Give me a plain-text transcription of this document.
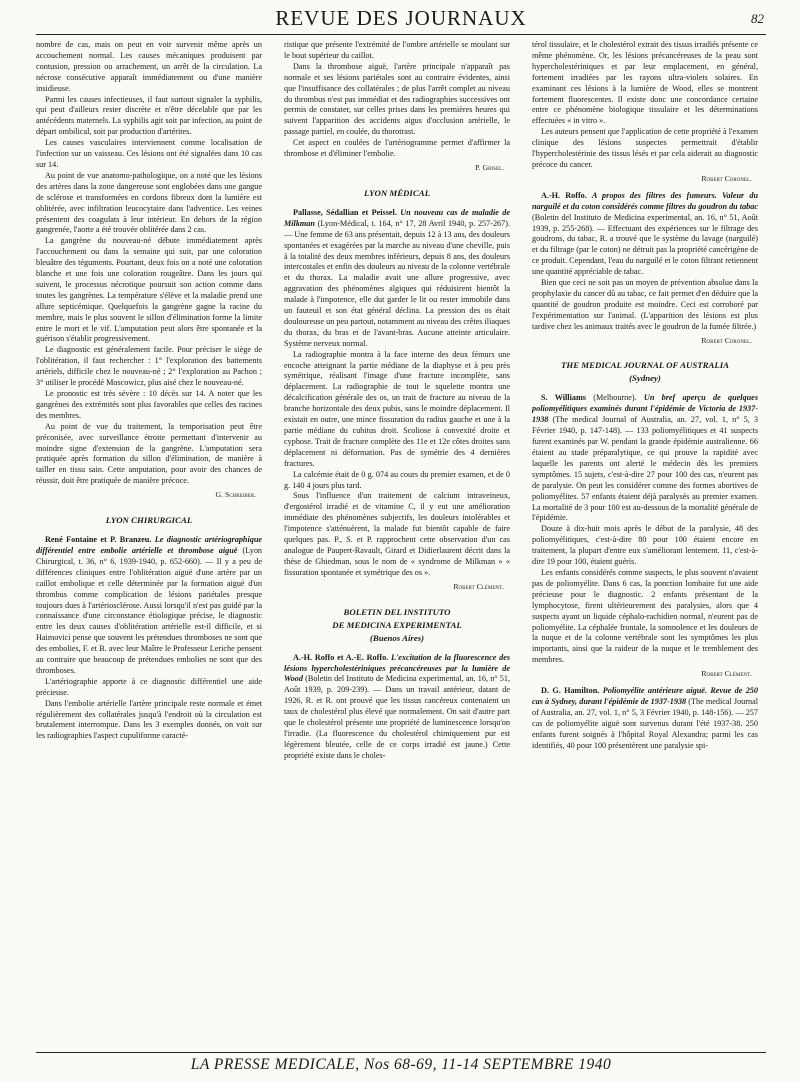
REVUE DES JOURNAUX	82

nombre de cas, mais on peut en voir survenir même après un accouchement normal. Les causes mécaniques produisent par contusion, pression ou arrachement, un arrêt de la circulation. La nécrose consécutive apparaît immédiatement ou d'une manière insidieuse.

Parmi les causes infectieuses, il faut surtout signaler la syphilis, qui peut d'ailleurs rester discrète et n'être décelable que par les antécédents maternels. La syphilis agit soit par infection, au point de départ ombilical, soit par production d'artérites.

Les causes vasculaires interviennent comme localisation de l'infection sur un vaisseau. Ces lésions ont été signalées dans 10 cas sur 14.

Au point de vue anatomo-pathologique, on a noté que les lésions des artères dans la zone dangereuse sont englobées dans une gangue de sclérose et transformées en cordons fibreux dont la lumière est oblitérée, avec infiltration leucocytaire dans l'adventice. Les veines présentent des coagulats à leur intérieur. En dehors de la région gangrenée, l'aorte a été trouvée oblitérée dans 2 cas.

La gangrène du nouveau-né débute immédiatement après l'accouchement ou dans la semaine qui suit, par une coloration bleuâtre des téguments. Pourtant, deux fois on a noté une coloration blanche et une fois une coloration rougeâtre. Dans les jours qui suivent, le processus nécrotique poursuit son action comme dans toutes les gangrènes. La température s'élève et la maladie prend une allure septicémique. Quelquefois la gangrène gagne la racine du membre, mais le plus souvent le sillon d'élimination forme la limite entre le mort et le vif. L'amputation peut alors être spontanée et la guérison s'établir progressivement.

Le diagnostic est généralement facile. Pour préciser le siège de l'oblitération, il faut rechercher : 1° l'exploration des battements artériels, difficile chez le nouveau-né ; 2° l'exploration au Pachon ; 3° utiliser le procédé Moscowicz, plus aisé chez le nouveau-né.

Le pronostic est très sévère : 10 décès sur 14. A noter que les gangrènes des extrémités sont plus favorables que celles des racines des membres.

Au point de vue du traitement, la temporisation peut être préconisée, avec surveillance étroite permettant d'intervenir au moindre signe d'extension de la gangrène. L'amputation sera pratiquée après formation du sillon d'élimination, de manière à tailler en tissu sain. Cette amputation, pour avoir des chances de réussir, doit être pratiquée de manière précoce.

G. Schreiber.
LYON CHIRURGICAL

René Fontaine et P. Branzeu. Le diagnostic artériographique différentiel entre embolie artérielle et thrombose aiguë (Lyon Chirurgical, t. 36, n° 6, 1939-1940, p. 652-660). — Il y a peu de différences cliniques entre l'oblitération aiguë d'une artère par un caillot embolique et celle déterminée par la formation aiguë d'un thrombus comme complication de lésions pariétales presque toujours dues à l'artériosclérose. Aussi lorsqu'il n'est pas guidé par la connaissance d'une circonstance étiologique précise, le diagnostic entre les deux causes d'oblitération artérielle est-il difficile, et si Haimovici pense que souvent les prétendues thromboses ne sont que des embolies, F. et B. avec leur Maître le Professeur Leriche pensent au contraire que beaucoup de prétendues embolies ne sont que des thromboses.

L'artériographie apporte à ce diagnostic différentiel une aide précieuse.

Dans l'embolie artérielle l'artère principale reste normale et émet régulièrement des collatérales jusqu'à l'endroit où la circulation est brutalement interrompue. Dans les 3 exemples donnés, on voit sur les radiographies l'aspect cupuliforme caracté-

ristique que présente l'extrémité de l'ombre artérielle se moulant sur le bout supérieur du caillot.

Dans la thrombose aiguë, l'artère principale n'apparaît pas normale et ses lésions pariétales sont au contraire évidentes, ainsi que l'insuffisance des collatérales ; de plus l'arrêt complet au niveau du thrombus n'est pas immédiat et des radiographies successives ont permis de constater, sur celles prises dans les premières heures qui suivent l'apparition des accidents aigus d'occlusion artérielle, le passage partiel, en coulée, du thorotrast.

Cet aspect en coulées de l'artériogramme permet d'affirmer la thrombose et d'éliminer l'embolie.

P. Grisel.
LYON MÉDICAL

Pallasse, Sédallian et Peissel. Un nouveau cas de maladie de Milkman (Lyon-Médical, t. 164, n° 17, 28 Avril 1940, p. 257-267). — Une femme de 63 ans présentait, depuis 12 à 13 ans, des douleurs spontanées et exagérées par la marche au niveau d'une cheville, puis à la totalité des deux membres inférieurs, depuis 8 ans, des douleurs intercostales et enfin des douleurs au niveau de la colonne vertébrale et du thorax. La maladie avait une allure progressive, avec aggravation des phénomènes algiques qui réduisirent bientôt la malade à l'impotence, elle dut garder le lit ou rester immobile dans un fauteuil et son état général déclina. La pression des os était douloureuse un peu partout, notamment au niveau des crêtes iliaques du thorax, du bras et de l'avant-bras. Aucune atteinte articulaire. Système nerveux normal.

La radiographie montra à la face interne des deux fémurs une encoche atteignant la partie médiane de la diaphyse et à peu près symétrique, réalisant l'image d'une fracture incomplète, sans déplacement. La radiographie de tout le squelette montra une décalcification générale des os, un trait de fracture au niveau de la branche horizontale des deux pubis, sans le moindre déplacement. Il existait en outre, une mince fissuration du radius gauche et une à la partie médiane du cubitus droit. Scoliose à convexité droite et cyphose. Trait de fracture complète des 11e et 12e côtes droites sans déplacement ni déformation. Pas de symétrie des 4 dernières fractures.

La calcémie était de 0 g. 074 au cours du premier examen, et de 0 g. 140 4 jours plus tard.

Sous l'influence d'un traitement de calcium intraveineux, d'ergostérol irradié et de vitamine C, il y eut une amélioration immédiate des phénomènes subjectifs, les douleurs intolérables et l'impotence s'atténuèrent, la malade fut bientôt capable de faire quelques pas. P., S. et P. rapprochent cette observation d'un cas analogue de Paupert-Ravault, Girard et Didierlaurent décrit dans la thèse de Ghiedman, sous le nom de « syndrome de Milkman » « fissuration spontanée et symétrique des os ».

Robert Clément.
BOLETIN DEL INSTITUTO
DE MEDICINA EXPERIMENTAL
(Buenos Aires)

A.-H. Roffo et A.-E. Roffo. L'excitation de la fluorescence des lésions hypercholestériniques précancéreuses par la lumière de Wood (Boletin del Instituto de Medicina experimental, an. 16, n° 51, Août 1939, p. 209-239). — Dans un travail antérieur, datant de 1926, R. et R. ont prouvé que les tissus cancéreux contenaient un taux de cholestérol plus élevé que normalement. On sait d'autre part que le cholestérol présente une propriété de luminescence lorsqu'on l'irradie. (La fluorescence du cholestérol chimiquement pur est légèrement bleutée, celle de ce corps irradié est jaune.) Cette propriété existe dans le choles-

térol tissulaire, et le cholestérol extrait des tissus irradiés présente ce même phénomène. Or, les lésions précancéreuses de la peau sont hypercholestériniques et par leur emplacement, en général, fortement irradiées par les rayons ultra-violets solaires. En examinant ces lésions à la lumière de Wood, elles se montrent fortement fluorescentes. Il existe donc une concordance certaine entre ce phénomène biologique tissulaire et les déterminations effectuées « in vitro ».

Les auteurs pensent que l'application de cette propriété à l'examen clinique des lésions suspectes permettrait d'établir l'hypercholestérinie des tissus lésés et par cela aiderait au diagnostic précoce du cancer.

Robert Coronel.

A.-H. Roffo. A propos des filtres des fumeurs. Valeur du narguilé et du coton considérés comme filtres du goudron du tabac (Boletin del Instituto de Medicina experimental, an. 16, n° 51, Août 1939, p. 255-268). — Effectuant des expériences sur le filtrage des goudrons, du tabac, R. a trouvé que le système du lavage (narguilé) et du filtrage (par le coton) ne détruit pas la propriété cancérigène de ce produit. Cependant, l'eau du narguilé et le coton filtrant retiennent une quantité appréciable de tabac.

Bien que ceci ne soit pas un moyen de prévention absolue dans la prophylaxie du cancer dû au tabac, ce fait permet d'en déduire que la quantité de goudron produite est moindre. Ceci est corroboré par l'expérimentation sur l'animal. (L'apparition des lésions est plus tardive chez les animaux traités avec le goudron de la fumée filtrée.)

Robert Coronel.
THE MEDICAL JOURNAL OF AUSTRALIA
(Sydney)

S. Williams (Melbourne). Un bref aperçu de quelques poliomyélitiques examinés durant l'épidémie de Victoria de 1937-1938 (The medical Journal of Australia, an. 27, vol. 1, n° 5, 3 Février 1940, p. 147-148). — 133 poliomyélitiques et 41 suspects furent examinés par W. pendant la grande épidémie australienne. 66 étaient au stade préparalytique, ce qui prouve la rapidité avec laquelle les parents ont alerté le médecin dès les premiers symptômes. 15 sujets, c'est-à-dire 27 pour 100 des cas, n'eurent pas de paralysie. On peut les considérer comme des formes abortives de poliomyélites. 57 enfants étaient déjà paralysés au premier examen. La mortalité de 3 pour 100 est au-dessous de la mortalité générale de l'épidémie.

Douze à dix-huit mois après le début de la paralysie, 48 des poliomyélitiques, c'est-à-dire 80 pour 100 étaient encore en traitement, la plupart d'entre eux s'améliorant lentement. 11, c'est-à-dire 19 pour 100, étaient guéris.

Les enfants considérés comme suspects, le plus souvent n'avaient pas de poliomyélite. Dans 6 cas, la ponction lombaire fut une aide précieuse pour le diagnostic. 2 enfants présentant de la lymphocytose, firent ultérieurement des paralysies, alors que 4 suspects ayant un liquide céphalo-rachidien normal, n'eurent pas de poliomyélite. La céphalée frontale, la somnolence et les douleurs de la nuque et de la colonne vertébrale sont les symptômes les plus importants, ainsi que la raideur de la nuque et le tremblement des membres.

Robert Clément.

D. G. Hamilton. Poliomyélite antérieure aiguë. Revue de 250 cas à Sydney, durant l'épidémie de 1937-1938 (The medical Journal of Australia, an. 27, vol. 1, n° 5, 3 Février 1940, p. 148-156). — 257 cas de poliomyélite aiguë sont survenus durant l'été 1937-38. 250 enfants furent soignés à l'hôpital Royal Alexandra; parmi les cas identifiés, 40 pour 100 présentèrent une paralysie spi-

LA PRESSE MEDICALE, Nos 68-69, 11-14 SEPTEMBRE 1940
